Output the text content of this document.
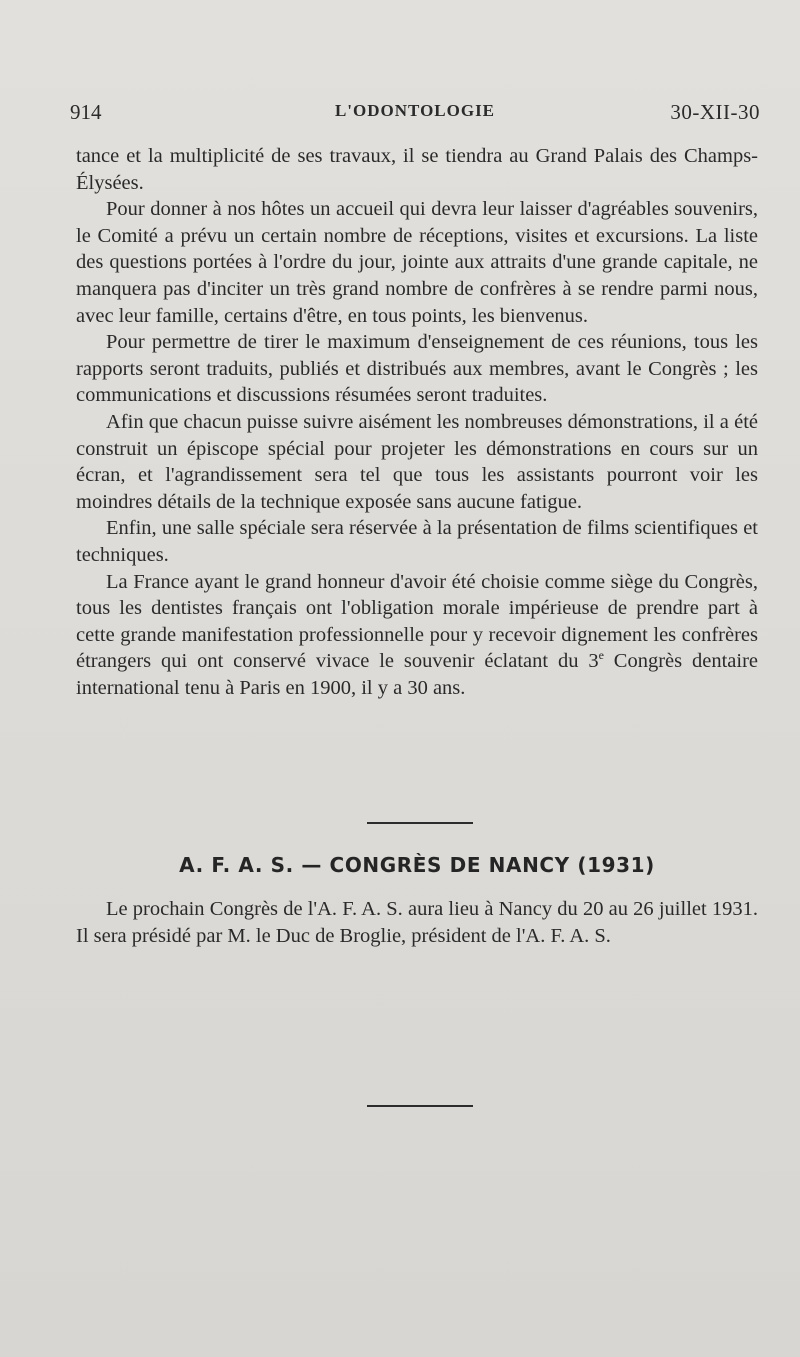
914	L'ODONTOLOGIE	30-XII-30

tance et la multiplicité de ses travaux, il se tiendra au Grand Palais des Champs-Élysées.

Pour donner à nos hôtes un accueil qui devra leur laisser d'agréables souvenirs, le Comité a prévu un certain nombre de réceptions, visites et excursions. La liste des questions portées à l'ordre du jour, jointe aux attraits d'une grande capitale, ne manquera pas d'inciter un très grand nombre de confrères à se rendre parmi nous, avec leur famille, certains d'être, en tous points, les bienvenus.

Pour permettre de tirer le maximum d'enseignement de ces réunions, tous les rapports seront traduits, publiés et distribués aux membres, avant le Congrès ; les communications et discussions résumées seront traduites.

Afin que chacun puisse suivre aisément les nombreuses démonstrations, il a été construit un épiscope spécial pour projeter les démonstrations en cours sur un écran, et l'agrandissement sera tel que tous les assistants pourront voir les moindres détails de la technique exposée sans aucune fatigue.

Enfin, une salle spéciale sera réservée à la présentation de films scientifiques et techniques.

La France ayant le grand honneur d'avoir été choisie comme siège du Congrès, tous les dentistes français ont l'obligation morale impérieuse de prendre part à cette grande manifestation professionnelle pour y recevoir dignement les confrères étrangers qui ont conservé vivace le souvenir éclatant du 3e Congrès dentaire international tenu à Paris en 1900, il y a 30 ans.

A. F. A. S. — CONGRÈS DE NANCY (1931)

Le prochain Congrès de l'A. F. A. S. aura lieu à Nancy du 20 au 26 juillet 1931. Il sera présidé par M. le Duc de Broglie, président de l'A. F. A. S.
